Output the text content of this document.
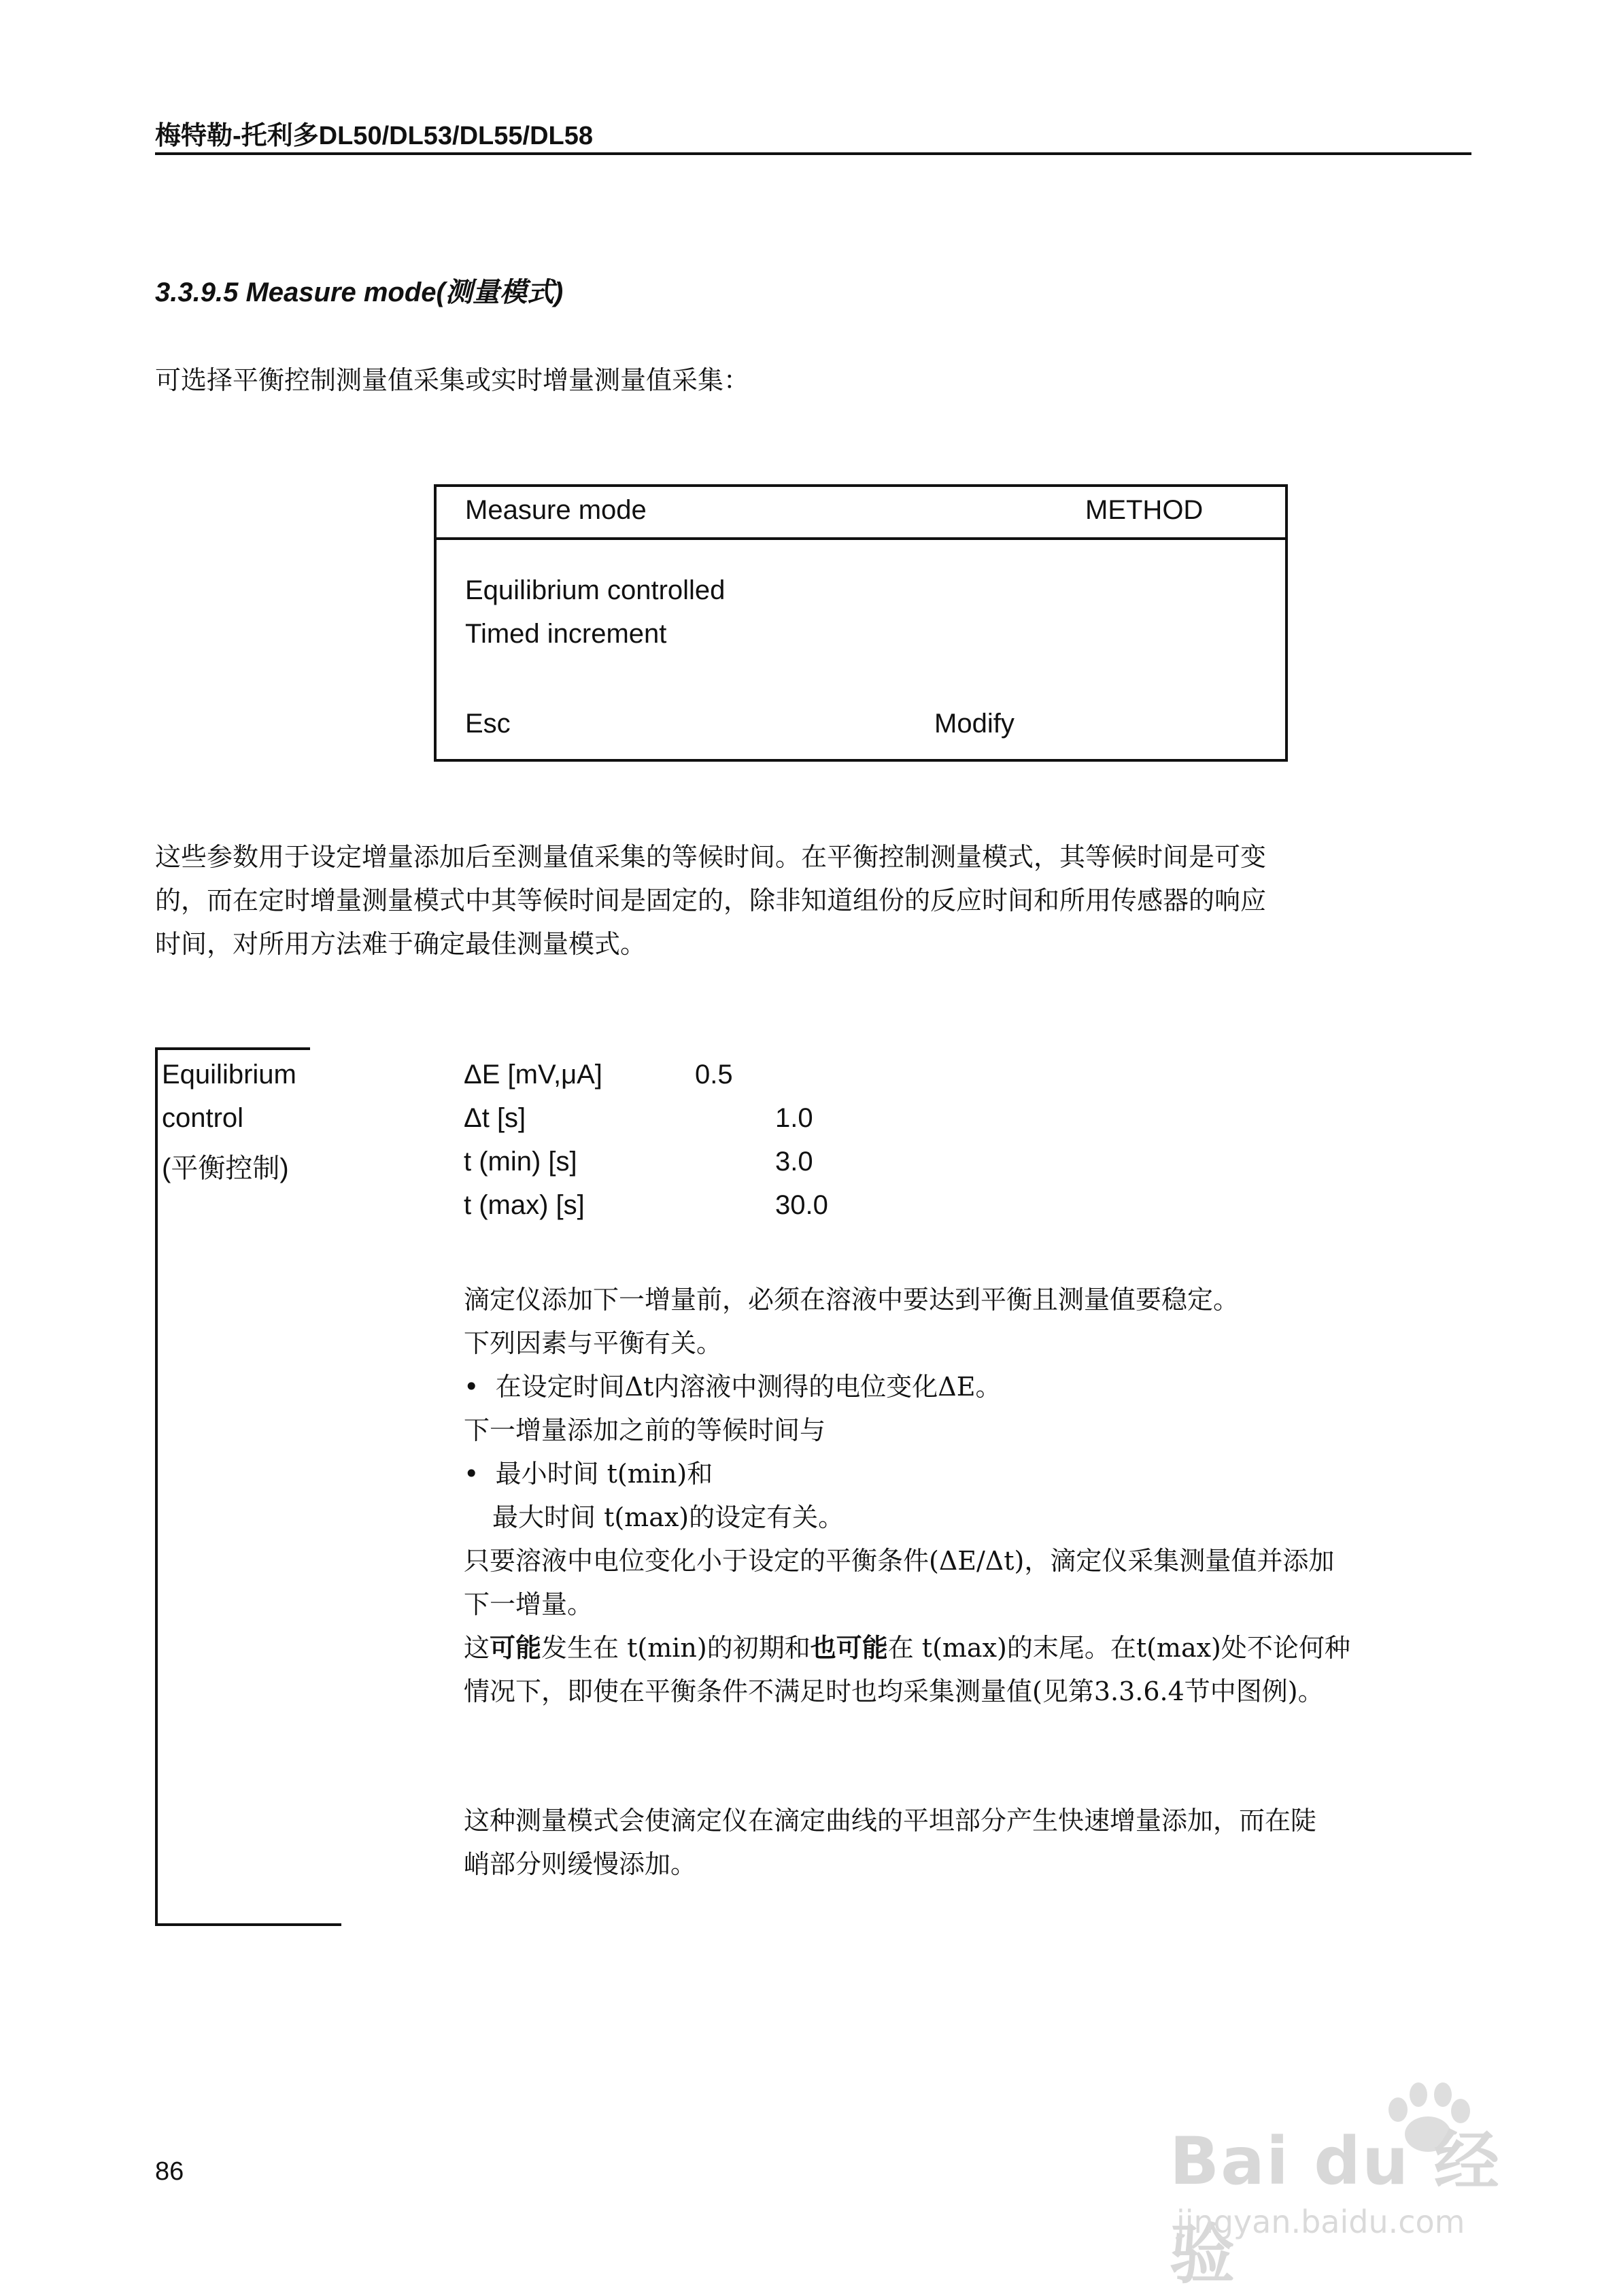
梅特勒-托利多DL50/DL53/DL55/DL58
3.3.9.5 Measure mode(测量模式)
可选择平衡控制测量值采集或实时增量测量值采集：
Measure mode	METHOD
Equilibrium controlled
Timed increment
Esc	Modify
这些参数用于设定增量添加后至测量值采集的等候时间。在平衡控制测量模式，其等候时间是可变
的，而在定时增量测量模式中其等候时间是固定的，除非知道组份的反应时间和所用传感器的响应
时间，对所用方法难于确定最佳测量模式。
Equilibrium
control
(平衡控制)
ΔE [mV,μA]	0.5
Δt [s]	1.0
t (min) [s]	3.0
t (max) [s]	30.0
滴定仪添加下一增量前，必须在溶液中要达到平衡且测量值要稳定。
下列因素与平衡有关。
•  在设定时间Δt内溶液中测得的电位变化ΔE。
下一增量添加之前的等候时间与
•  最小时间 t(min)和
最大时间 t(max)的设定有关。
只要溶液中电位变化小于设定的平衡条件(ΔE/Δt)，滴定仪采集测量值并添加
下一增量。
这可能发生在 t(min)的初期和也可能在 t(max)的末尾。在t(max)处不论何种
情况下，即使在平衡条件不满足时也均采集测量值(见第3.3.6.4节中图例)。
这种测量模式会使滴定仪在滴定曲线的平坦部分产生快速增量添加，而在陡
峭部分则缓慢添加。
86	Bai du 经验
jingyan.baidu.com
